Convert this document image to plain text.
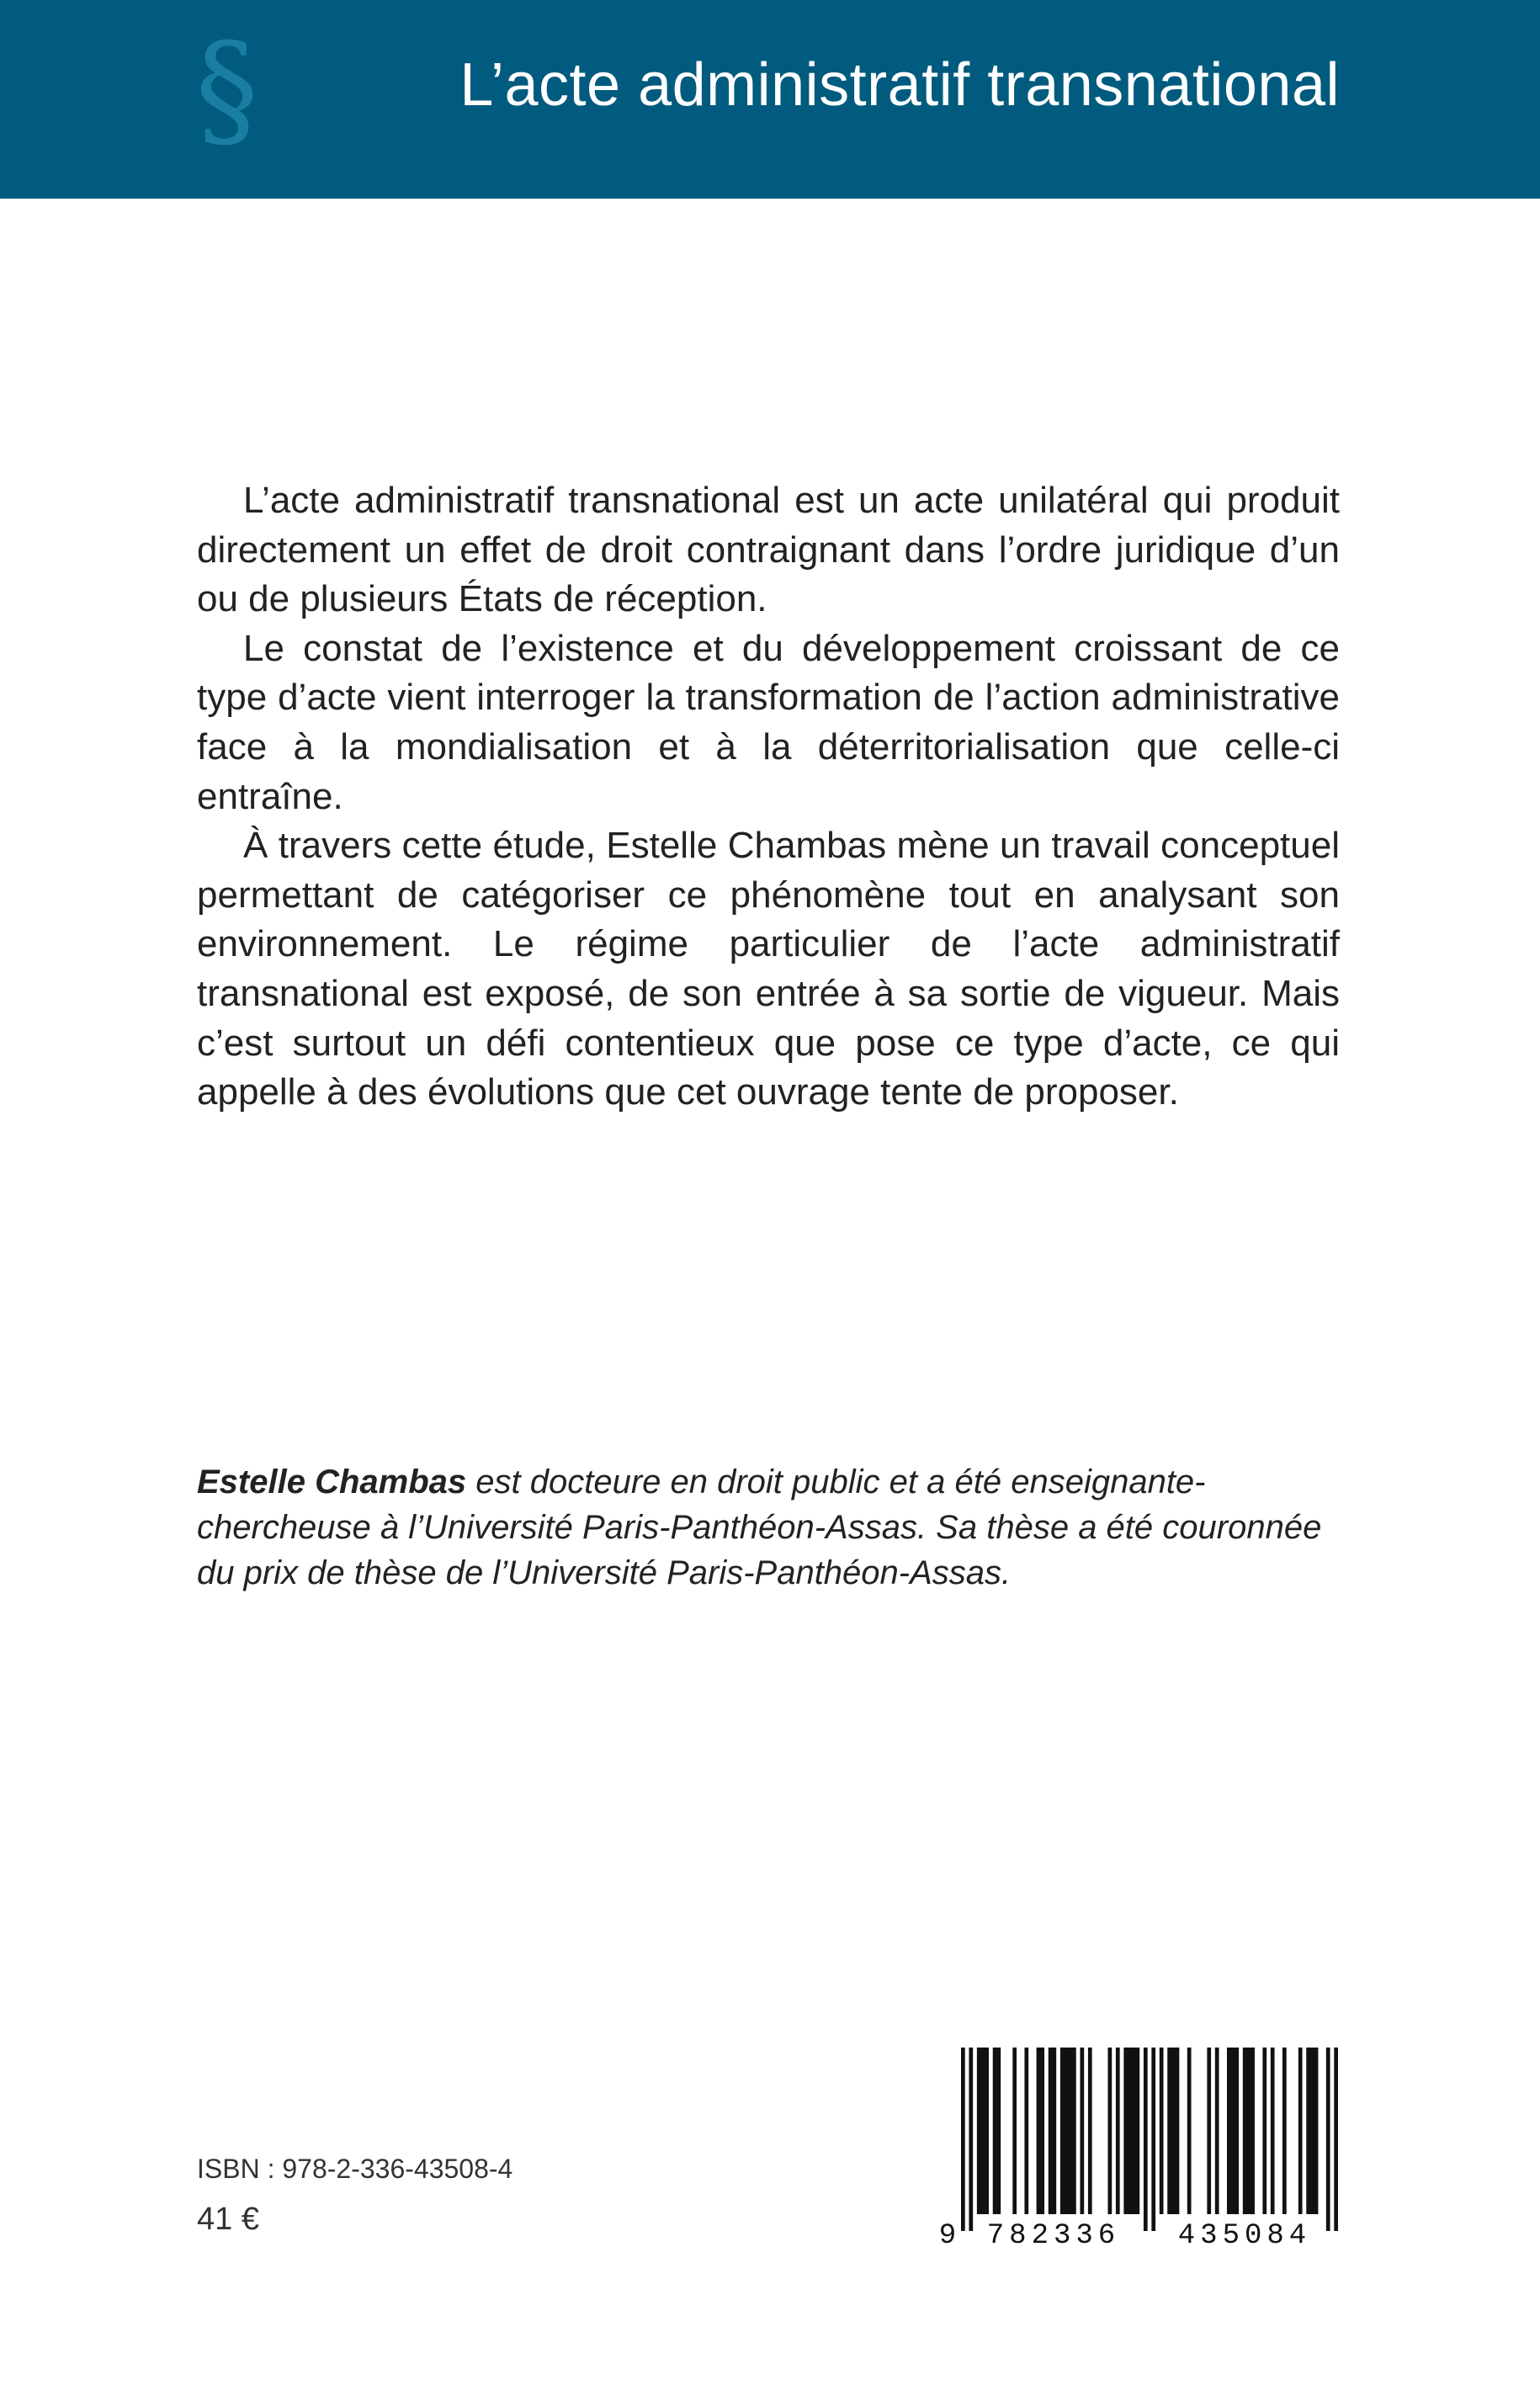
§	L’acte administratif transnational

L’acte administratif transnational est un acte unilatéral qui produit directement un effet de droit contraignant dans l’ordre juridique d’un ou de plusieurs États de réception.

Le constat de l’existence et du développement croissant de ce type d’acte vient interroger la transformation de l’action administrative face à la mondialisation et à la déterritorialisation que celle-ci entraîne.

À travers cette étude, Estelle Chambas mène un travail conceptuel permettant de catégoriser ce phénomène tout en analysant son environnement. Le régime particulier de l’acte administratif transnational est exposé, de son entrée à sa sortie de vigueur. Mais c’est surtout un défi contentieux que pose ce type d’acte, ce qui appelle à des évolutions que cet ouvrage tente de proposer.

Estelle Chambas est docteure en droit public et a été enseignante-chercheuse à l’Université Paris-Panthéon-Assas. Sa thèse a été couronnée du prix de thèse de l’Université Paris-Panthéon-Assas.

ISBN : 978-2-336-43508-4
41 €	9 782336 435084
